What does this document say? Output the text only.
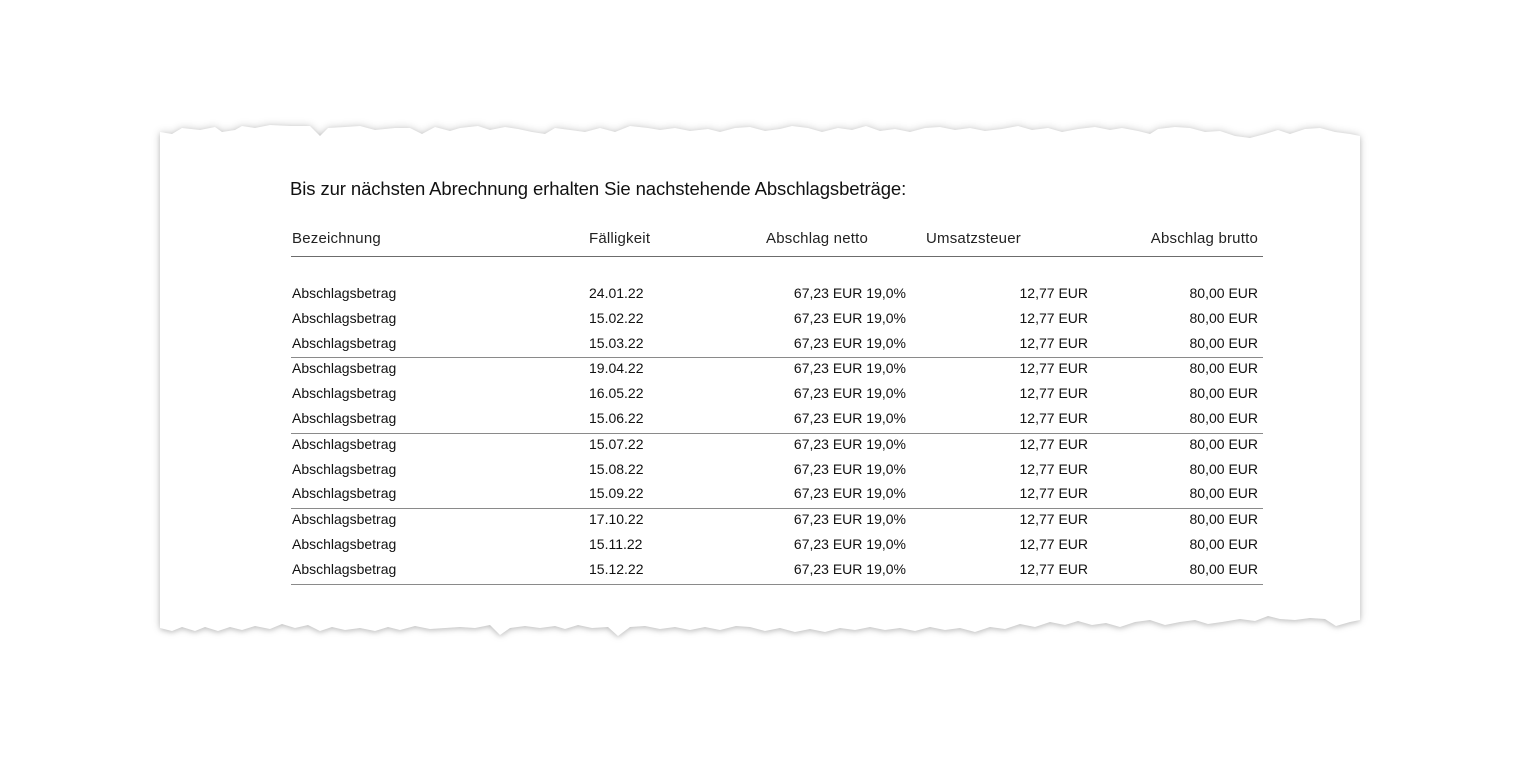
Bis zur nächsten Abrechnung erhalten Sie nachstehende Abschlagsbeträge:
Bezeichnung	Fälligkeit	Abschlag netto	Umsatzsteuer	Abschlag brutto
Abschlagsbetrag	24.01.22	67,23 EUR 19,0%	12,77 EUR	80,00 EUR
Abschlagsbetrag	15.02.22	67,23 EUR 19,0%	12,77 EUR	80,00 EUR
Abschlagsbetrag	15.03.22	67,23 EUR 19,0%	12,77 EUR	80,00 EUR
Abschlagsbetrag	19.04.22	67,23 EUR 19,0%	12,77 EUR	80,00 EUR
Abschlagsbetrag	16.05.22	67,23 EUR 19,0%	12,77 EUR	80,00 EUR
Abschlagsbetrag	15.06.22	67,23 EUR 19,0%	12,77 EUR	80,00 EUR
Abschlagsbetrag	15.07.22	67,23 EUR 19,0%	12,77 EUR	80,00 EUR
Abschlagsbetrag	15.08.22	67,23 EUR 19,0%	12,77 EUR	80,00 EUR
Abschlagsbetrag	15.09.22	67,23 EUR 19,0%	12,77 EUR	80,00 EUR
Abschlagsbetrag	17.10.22	67,23 EUR 19,0%	12,77 EUR	80,00 EUR
Abschlagsbetrag	15.11.22	67,23 EUR 19,0%	12,77 EUR	80,00 EUR
Abschlagsbetrag	15.12.22	67,23 EUR 19,0%	12,77 EUR	80,00 EUR
